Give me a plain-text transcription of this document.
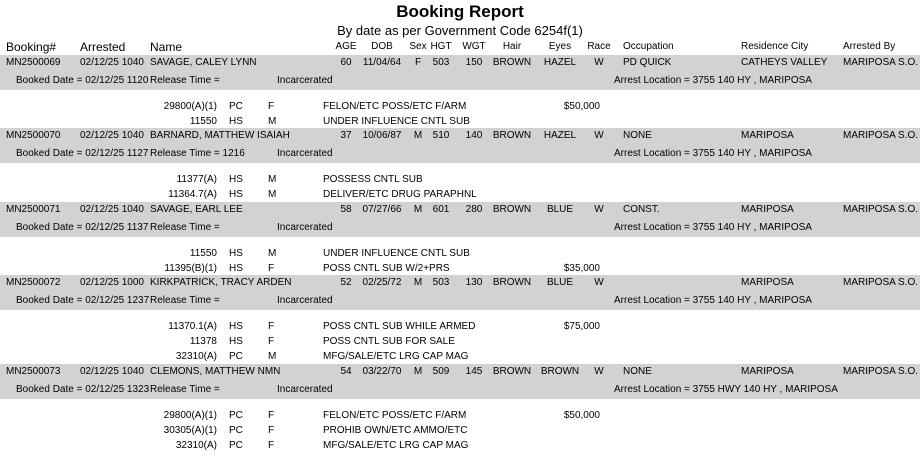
Booking Report
By date as per Government Code 6254f(1)
Booking# Arrested Name	AGE DOB Sex HGT WGT Hair	Eyes Race Occupation	Residence City	Arrested By
MN2500069 02/12/25 1040 SAVAGE, CALEY LYNN	60 11/04/64 F 503 150 BROWN HAZEL W PD QUICK	CATHEYS VALLEY MARIPOSA S.O.
Booked Date = 02/12/25 1120 Release Time =	Incarcerated	Arrest Location = 3755 140 HY , MARIPOSA
29800(A)(1) PC	F	FELON/ETC POSS/ETC F/ARM	$50,000
11550 HS	M	UNDER INFLUENCE CNTL SUB
MN2500070 02/12/25 1040 BARNARD, MATTHEW ISAIAH	37 10/06/87 M 510 140 BROWN HAZEL W NONE	MARIPOSA	MARIPOSA S.O.
Booked Date = 02/12/25 1127 Release Time = 1216	Incarcerated	Arrest Location = 3755 140 HY , MARIPOSA
11377(A) HS	M	POSSESS CNTL SUB
11364.7(A) HS	M	DELIVER/ETC DRUG PARAPHNL
MN2500071 02/12/25 1040 SAVAGE, EARL LEE	58 07/27/66 M 601 280 BROWN BLUE W CONST.	MARIPOSA	MARIPOSA S.O.
Booked Date = 02/12/25 1137 Release Time =	Incarcerated	Arrest Location = 3755 140 HY , MARIPOSA
11550 HS	M	UNDER INFLUENCE CNTL SUB
11395(B)(1) HS	F	POSS CNTL SUB W/2+PRS	$35,000
MN2500072 02/12/25 1000 KIRKPATRICK, TRACY ARDEN	52 02/25/72 M 503 130 BROWN BLUE W	MARIPOSA	MARIPOSA S.O.
Booked Date = 02/12/25 1237 Release Time =	Incarcerated	Arrest Location = 3755 140 HY , MARIPOSA
11370.1(A) HS	F	POSS CNTL SUB WHILE ARMED	$75,000
11378 HS	F	POSS CNTL SUB FOR SALE
32310(A) PC	M	MFG/SALE/ETC LRG CAP MAG
MN2500073 02/12/25 1040 CLEMONS, MATTHEW NMN	54 03/22/70 M 509 145 BROWN BROWN W NONE	MARIPOSA	MARIPOSA S.O.
Booked Date = 02/12/25 1323 Release Time =	Incarcerated	Arrest Location = 3755 HWY 140 HY , MARIPOSA
29800(A)(1) PC	F	FELON/ETC POSS/ETC F/ARM	$50,000
30305(A)(1) PC	F	PROHIB OWN/ETC AMMO/ETC
32310(A) PC	F	MFG/SALE/ETC LRG CAP MAG
